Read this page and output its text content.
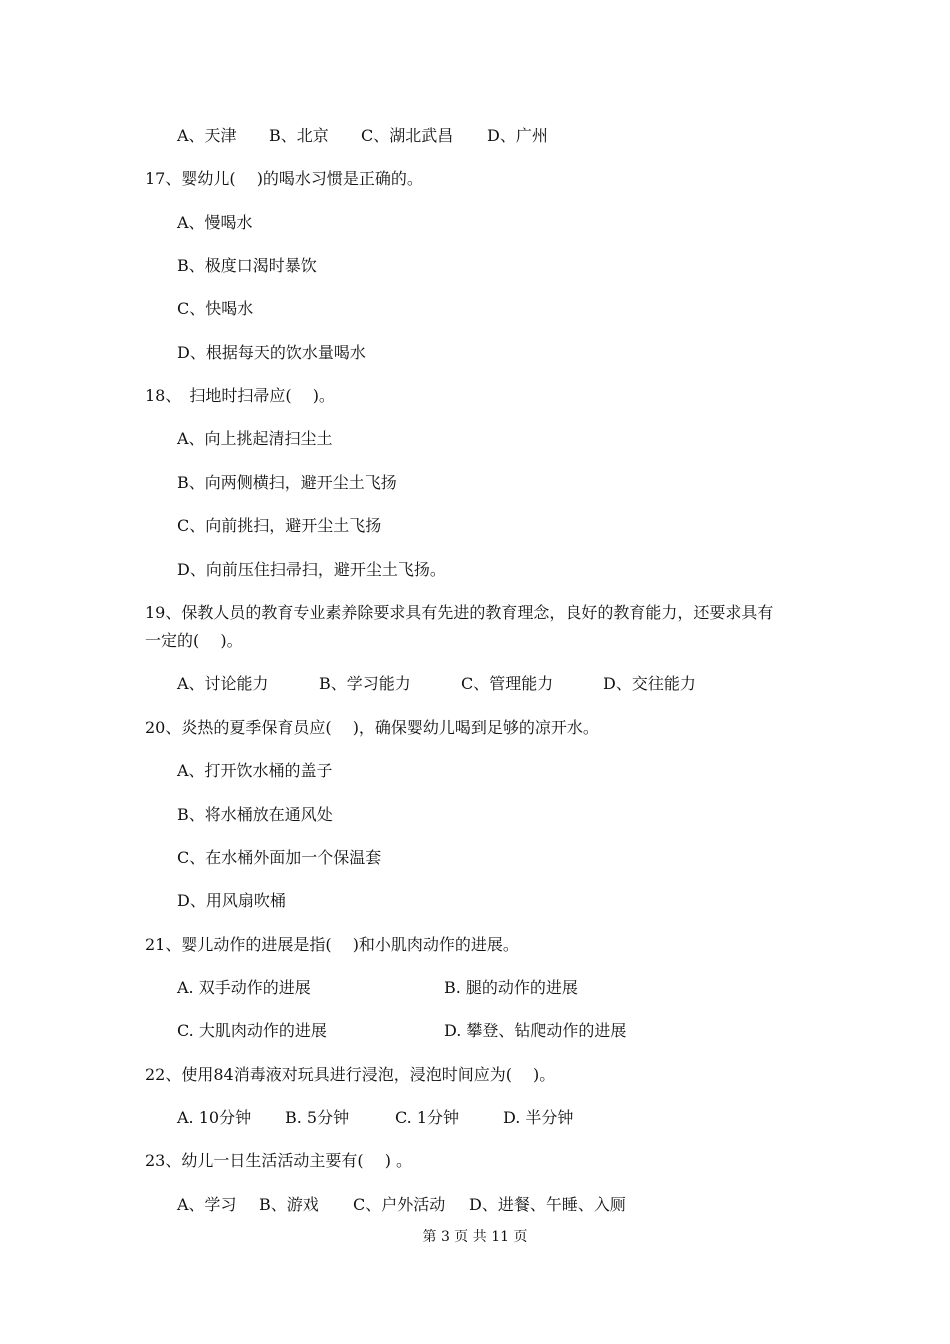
A、天津 B、北京 C、湖北武昌 D、广州
17、婴幼儿(　 )的喝水习惯是正确的。
A、慢喝水
B、极度口渴时暴饮
C、快喝水
D、根据每天的饮水量喝水
18、　扫地时扫帚应(　 )。
A、向上挑起清扫尘土
B、向两侧横扫，避开尘土飞扬
C、向前挑扫，避开尘土飞扬
D、向前压住扫帚扫，避开尘土飞扬。
19、保教人员的教育专业素养除要求具有先进的教育理念，良好的教育能力，还要求具有
一定的(　 )。
A、讨论能力	B、学习能力	C、管理能力	D、交往能力
20、炎热的夏季保育员应(　 )，确保婴幼儿喝到足够的凉开水。
A、打开饮水桶的盖子
B、将水桶放在通风处
C、在水桶外面加一个保温套
D、用风扇吹桶
21、婴儿动作的进展是指(　 )和小肌肉动作的进展。
A. 双手动作的进展	B. 腿的动作的进展
C. 大肌肉动作的进展	D. 攀登、钻爬动作的进展
22、使用84消毒液对玩具进行浸泡，浸泡时间应为(　 )。
A. 10分钟 B. 5分钟	C. 1分钟	D. 半分钟
23、幼儿一日生活活动主要有(　 ) 。
A、学习 B、游戏 C、户外活动 D、进餐、午睡、入厕
第 3 页 共 11 页
